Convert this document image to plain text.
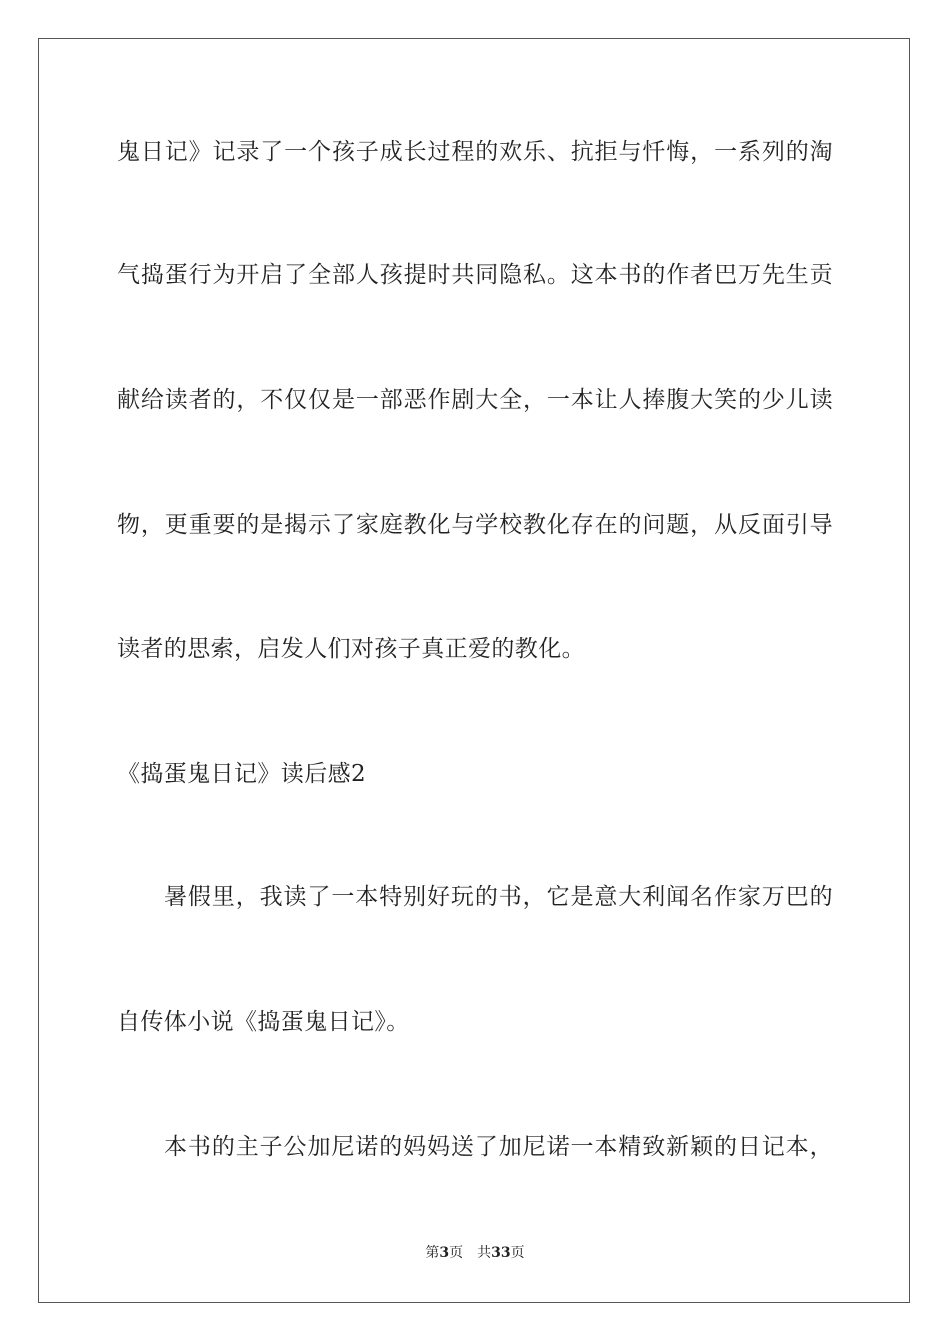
鬼日记》记录了一个孩子成长过程的欢乐、抗拒与忏悔，一系列的淘
气捣蛋行为开启了全部人孩提时共同隐私。这本书的作者巴万先生贡
献给读者的，不仅仅是一部恶作剧大全，一本让人捧腹大笑的少儿读
物，更重要的是揭示了家庭教化与学校教化存在的问题，从反面引导
读者的思索，启发人们对孩子真正爱的教化。
《捣蛋鬼日记》读后感2
暑假里，我读了一本特别好玩的书，它是意大利闻名作家万巴的
自传体小说《捣蛋鬼日记》。
本书的主子公加尼诺的妈妈送了加尼诺一本精致新颖的日记本，
第3页 共33页
